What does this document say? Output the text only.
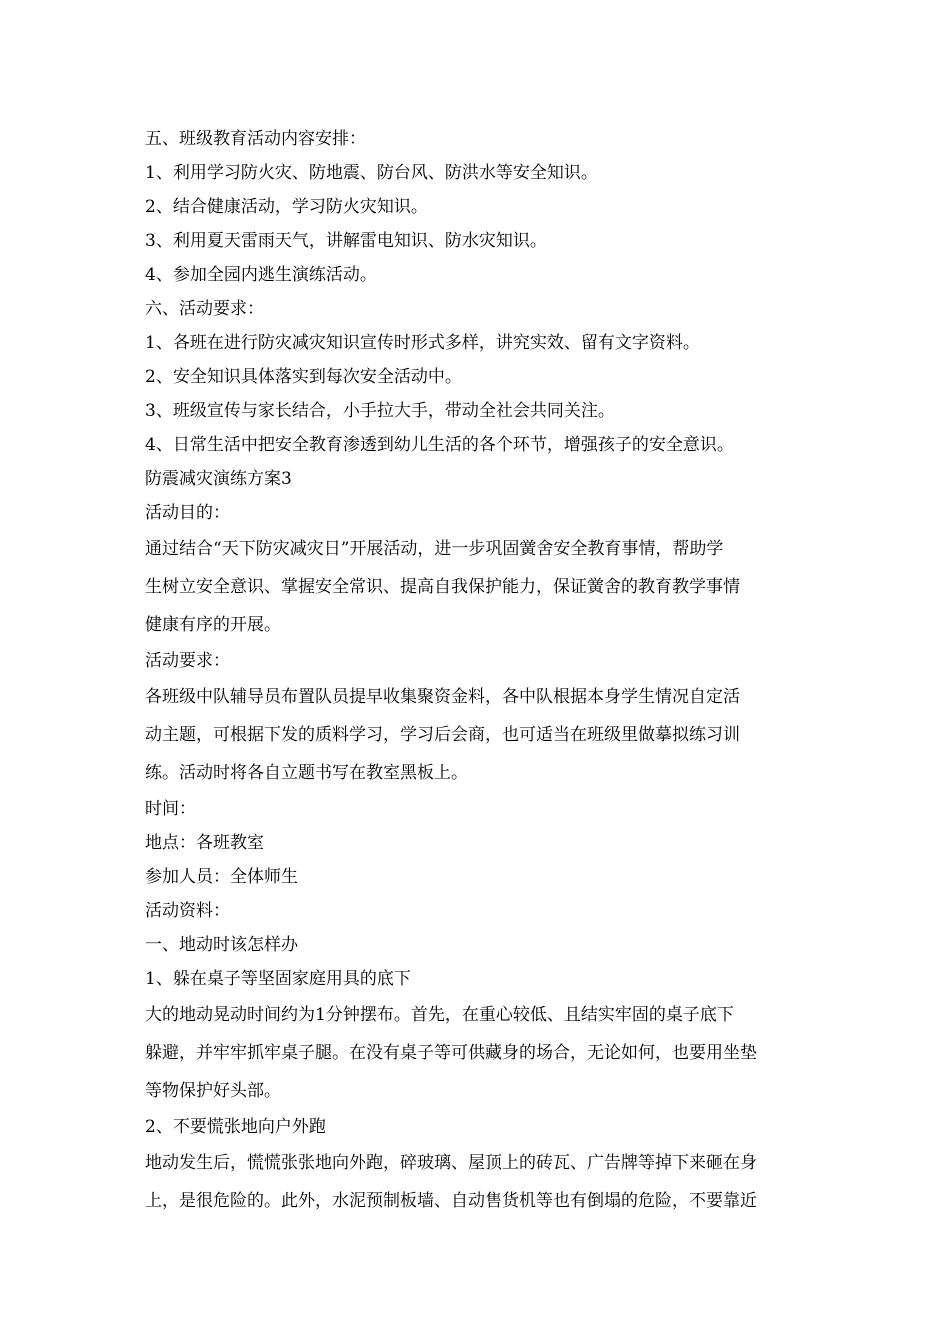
五、班级教育活动内容安排：
1、利用学习防火灾、防地震、防台风、防洪水等安全知识。
2、结合健康活动，学习防火灾知识。
3、利用夏天雷雨天气，讲解雷电知识、防水灾知识。
4、参加全园内逃生演练活动。
六、活动要求：
1、各班在进行防灾减灾知识宣传时形式多样，讲究实效、留有文字资料。
2、安全知识具体落实到每次安全活动中。
3、班级宣传与家长结合，小手拉大手，带动全社会共同关注。
4、日常生活中把安全教育渗透到幼儿生活的各个环节，增强孩子的安全意识。
防震减灾演练方案3
活动目的：
通过结合“天下防灾减灾日”开展活动，进一步巩固黉舍安全教育事情，帮助学
生树立安全意识、掌握安全常识、提高自我保护能力，保证黉舍的教育教学事情
健康有序的开展。
活动要求：
各班级中队辅导员布置队员提早收集聚资金料，各中队根据本身学生情况自定活
动主题，可根据下发的质料学习，学习后会商，也可适当在班级里做摹拟练习训
练。活动时将各自立题书写在教室黑板上。
时间：
地点：各班教室
参加人员：全体师生
活动资料：
一、地动时该怎样办
1、躲在桌子等坚固家庭用具的底下
大的地动晃动时间约为1分钟摆布。首先，在重心较低、且结实牢固的桌子底下
躲避，并牢牢抓牢桌子腿。在没有桌子等可供藏身的场合，无论如何，也要用坐垫
等物保护好头部。
2、不要慌张地向户外跑
地动发生后，慌慌张张地向外跑，碎玻璃、屋顶上的砖瓦、广告牌等掉下来砸在身
上，是很危险的。此外，水泥预制板墙、自动售货机等也有倒塌的危险，不要靠近
